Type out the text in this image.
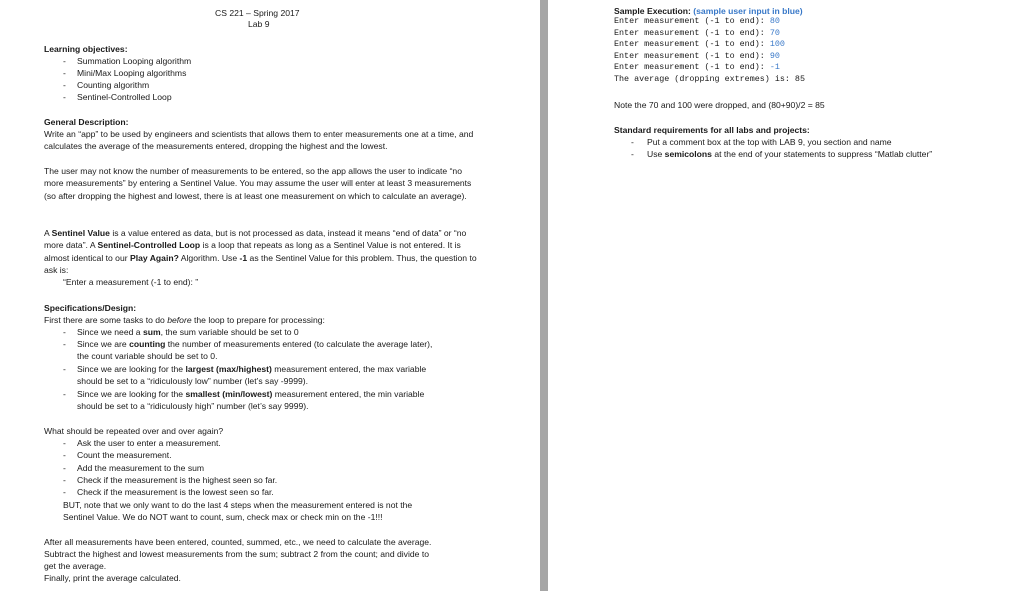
CS 221 – Spring 2017
Lab 9
Learning objectives:
- Summation Looping algorithm
- Mini/Max Looping algorithms
- Counting algorithm
- Sentinel-Controlled Loop
General Description:
Write an “app” to be used by engineers and scientists that allows them to enter measurements one at a time, and calculates the average of the measurements entered, dropping the highest and the lowest.
The user may not know the number of measurements to be entered, so the app allows the user to indicate “no more measurements” by entering a Sentinel Value. You may assume the user will enter at least 3 measurements (so after dropping the highest and lowest, there is at least one measurement on which to calculate an average).
A Sentinel Value is a value entered as data, but is not processed as data, instead it means “end of data” or “no more data”. A Sentinel-Controlled Loop is a loop that repeats as long as a Sentinel Value is not entered. It is almost identical to our Play Again? Algorithm. Use -1 as the Sentinel Value for this problem. Thus, the question to ask is:
“Enter a measurement (-1 to end): ”
Specifications/Design:
First there are some tasks to do before the loop to prepare for processing:
- Since we need a sum, the sum variable should be set to 0
- Since we are counting the number of measurements entered (to calculate the average later),
the count variable should be set to 0.
- Since we are looking for the largest (max/highest) measurement entered, the max variable
should be set to a “ridiculously low” number (let’s say -9999).
- Since we are looking for the smallest (min/lowest) measurement entered, the min variable
should be set to a “ridiculously high” number (let’s say 9999).
What should be repeated over and over again?
- Ask the user to enter a measurement.
- Count the measurement.
- Add the measurement to the sum
- Check if the measurement is the highest seen so far.
- Check if the measurement is the lowest seen so far.
BUT, note that we only want to do the last 4 steps when the measurement entered is not the
Sentinel Value. We do NOT want to count, sum, check max or check min on the -1!!!
After all measurements have been entered, counted, summed, etc., we need to calculate the average.
Subtract the highest and lowest measurements from the sum; subtract 2 from the count; and divide to
get the average.
Finally, print the average calculated.
Sample Execution: (sample user input in blue)
Enter measurement (-1 to end): 80
Enter measurement (-1 to end): 70
Enter measurement (-1 to end): 100
Enter measurement (-1 to end): 90
Enter measurement (-1 to end): -1
The average (dropping extremes) is: 85
Note the 70 and 100 were dropped, and (80+90)/2 = 85
Standard requirements for all labs and projects:
- Put a comment box at the top with LAB 9, you section and name
- Use semicolons at the end of your statements to suppress “Matlab clutter”
